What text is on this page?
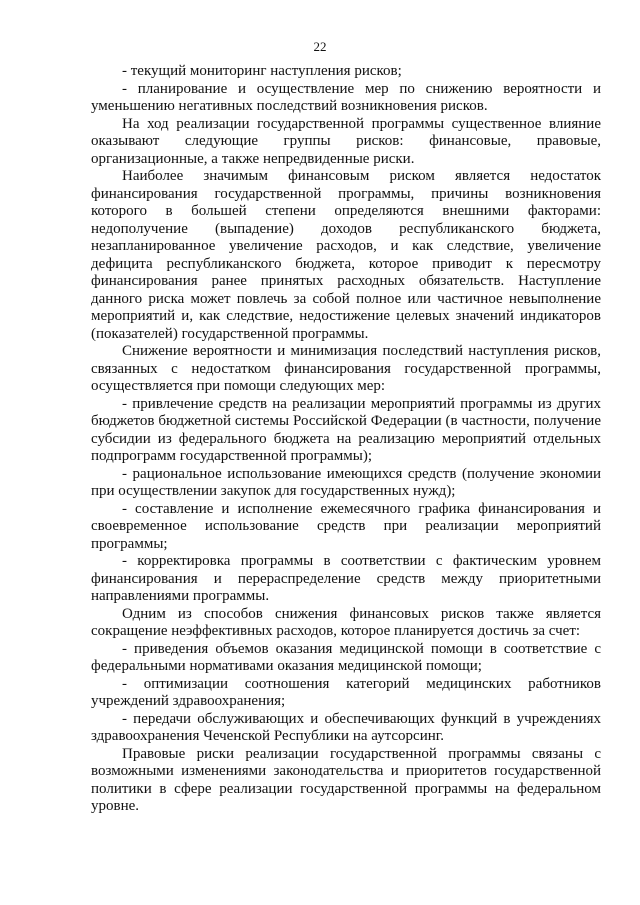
22

- текущий мониторинг наступления рисков;

- планирование и осуществление мер по снижению вероятности и уменьшению негативных последствий возникновения рисков.

На ход реализации государственной программы существенное влияние оказывают следующие группы рисков: финансовые, правовые, организационные, а также непредвиденные риски.

Наиболее значимым финансовым риском является недостаток финансирования государственной программы, причины возникновения которого в большей степени определяются внешними факторами: недополучение (выпадение) доходов республиканского бюджета, незапланированное увеличение расходов, и как следствие, увеличение дефицита республиканского бюджета, которое приводит к пересмотру финансирования ранее принятых расходных обязательств. Наступление данного риска может повлечь за собой полное или частичное невыполнение мероприятий и, как следствие, недостижение целевых значений индикаторов (показателей) государственной программы.

Снижение вероятности и минимизация последствий наступления рисков, связанных с недостатком финансирования государственной программы, осуществляется при помощи следующих мер:

- привлечение средств на реализации мероприятий программы из других бюджетов бюджетной системы Российской Федерации (в частности, получение субсидии из федерального бюджета на реализацию мероприятий отдельных подпрограмм государственной программы);

- рациональное использование имеющихся средств (получение экономии при осуществлении закупок для государственных нужд);

- составление и исполнение ежемесячного графика финансирования и своевременное использование средств при реализации мероприятий программы;

- корректировка программы в соответствии с фактическим уровнем финансирования и перераспределение средств между приоритетными направлениями программы.

Одним из способов снижения финансовых рисков также является сокращение неэффективных расходов, которое планируется достичь за счет:

- приведения объемов оказания медицинской помощи в соответствие с федеральными нормативами оказания медицинской помощи;

- оптимизации соотношения категорий медицинских работников учреждений здравоохранения;

- передачи обслуживающих и обеспечивающих функций в учреждениях здравоохранения Чеченской Республики на аутсорсинг.

Правовые риски реализации государственной программы связаны с возможными изменениями законодательства и приоритетов государственной политики в сфере реализации государственной программы на федеральном уровне.
